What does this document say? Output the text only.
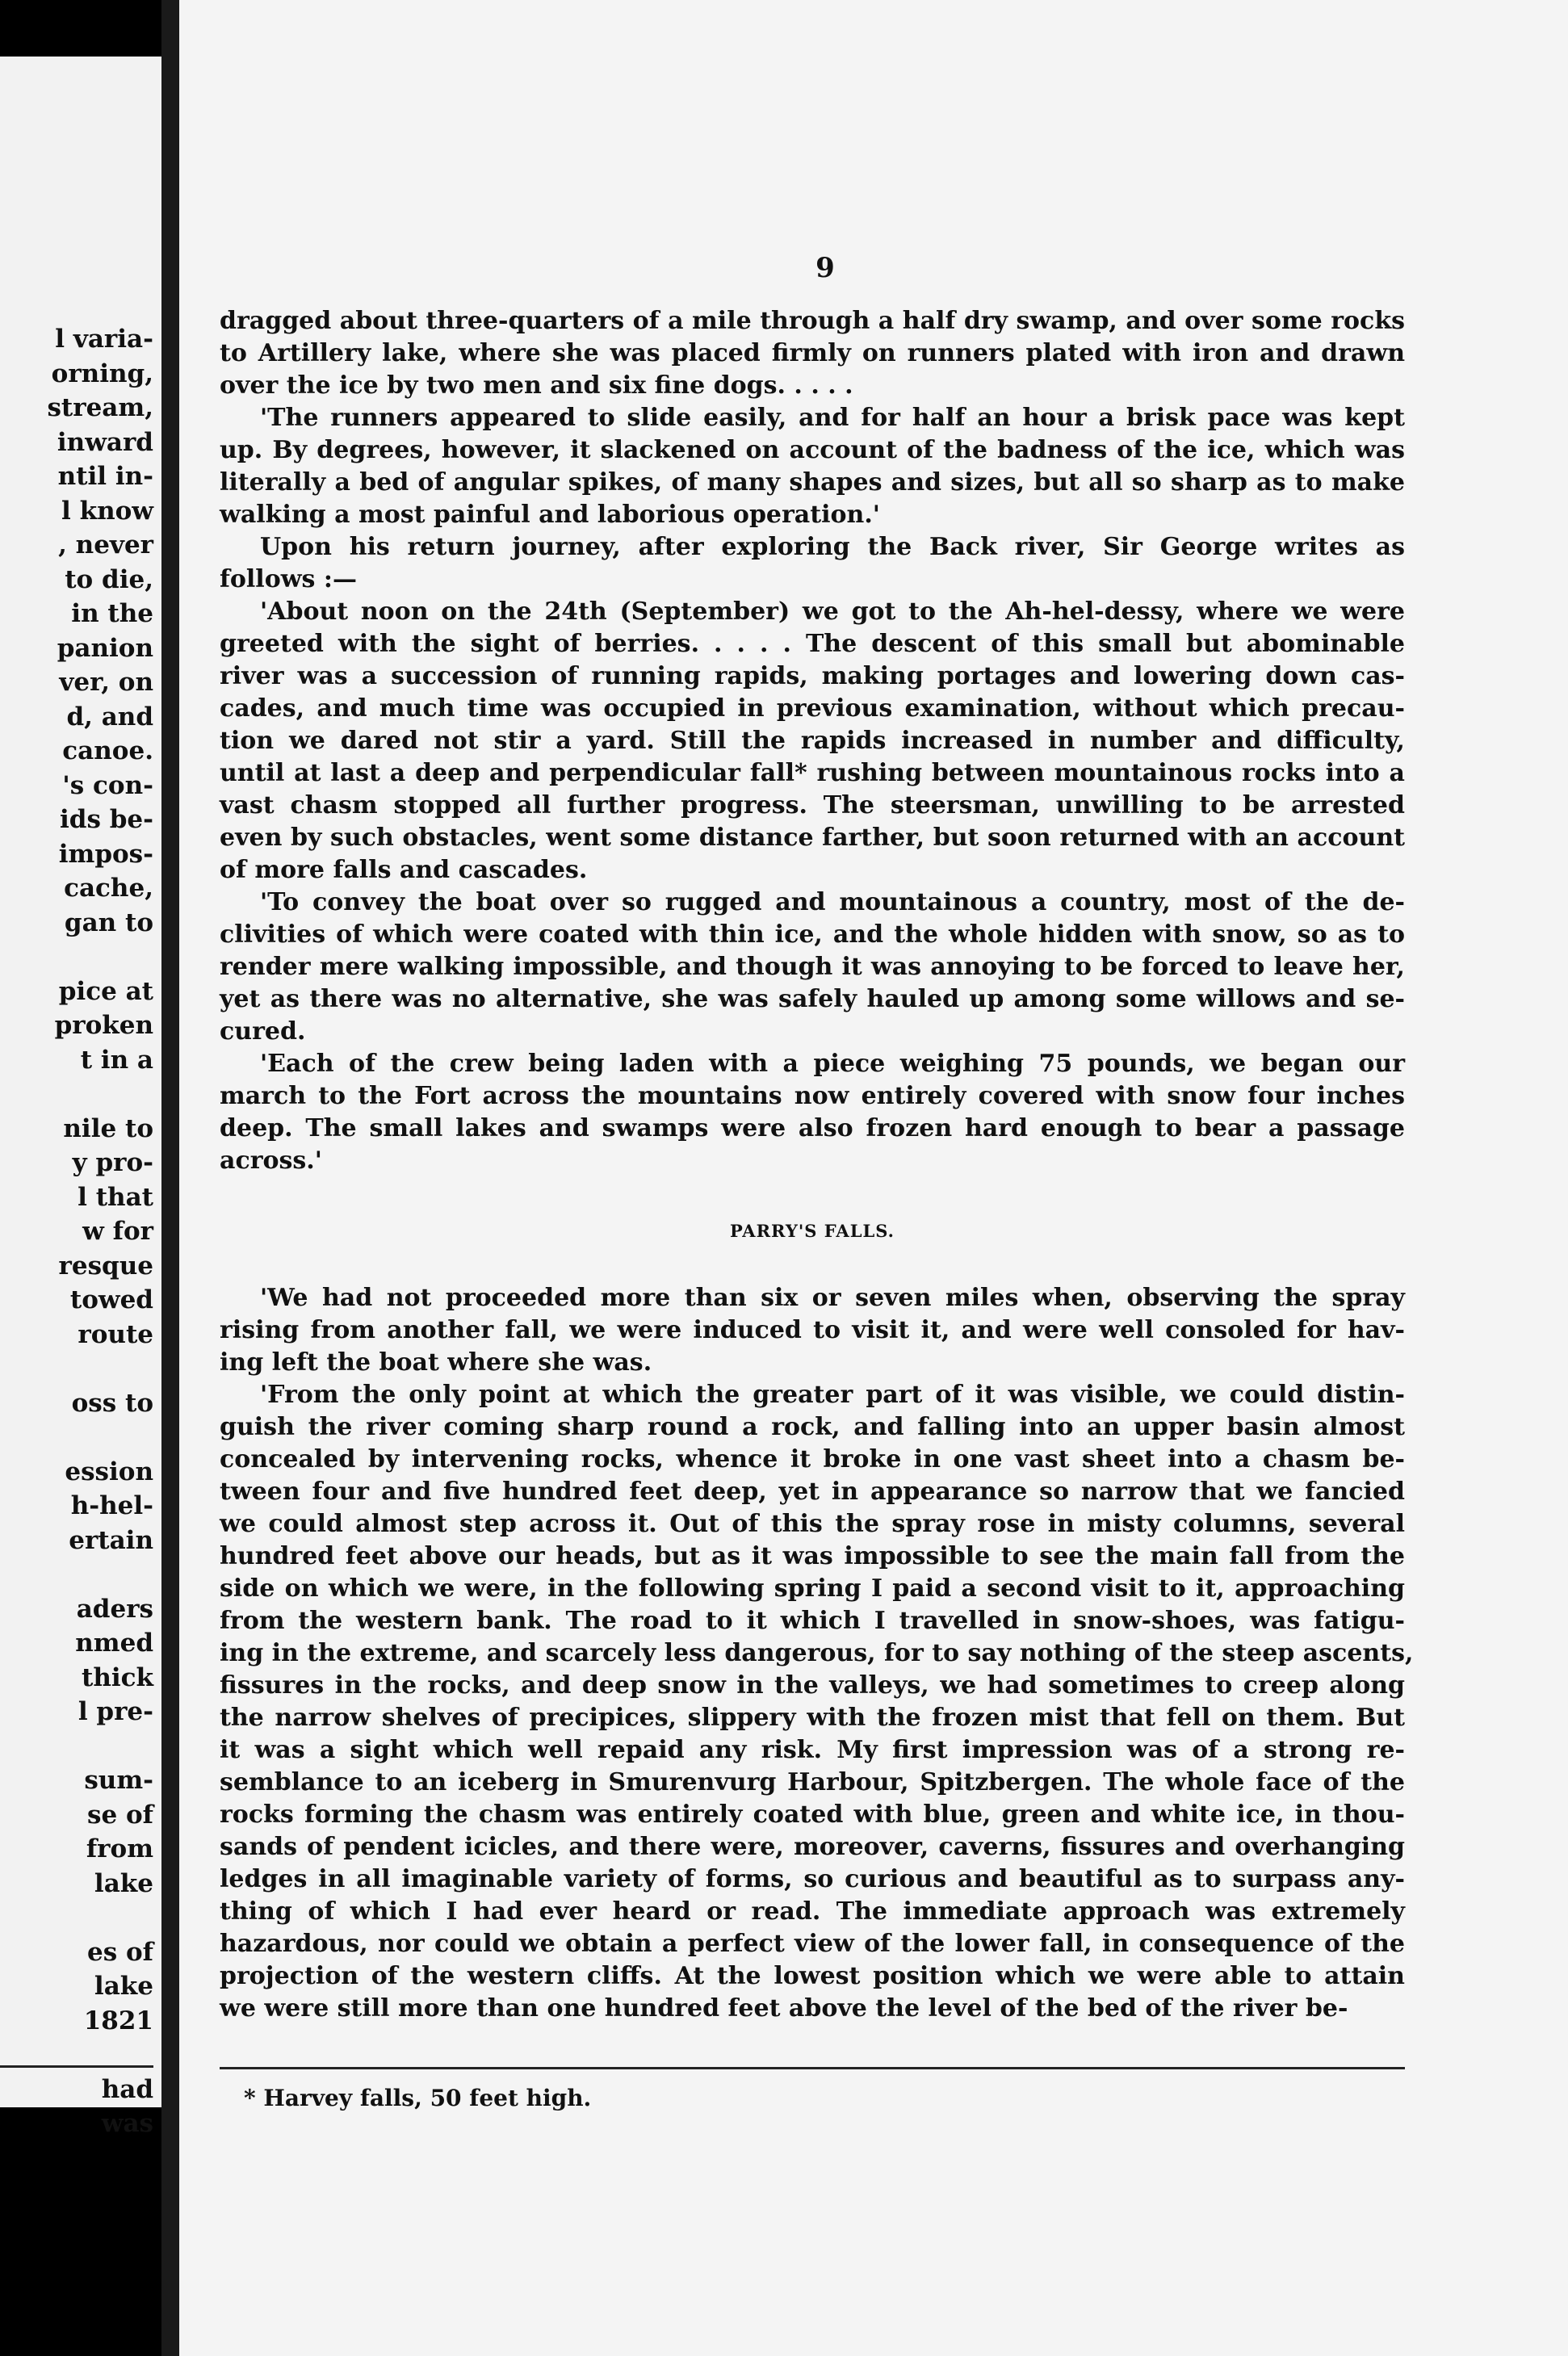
l varia-
orning,
stream,
inward
ntil in-
l know
, never
to die,
in the
panion
ver, on
d, and
canoe.
's con-
ids be-
impos-
cache,
gan to
pice at
proken
t in a
nile to
y pro-
l that
w for
resque
towed
route
oss to
ession
h-hel-
ertain
aders
nmed
thick
l pre-
sum-
se of
from
lake
es of
lake
1821
had
was
9
dragged about three-quarters of a mile through a half dry swamp, and over some rocks
to Artillery lake, where she was placed firmly on runners plated with iron and drawn
over the ice by two men and six fine dogs. . . . .
'The runners appeared to slide easily, and for half an hour a brisk pace was kept
up. By degrees, however, it slackened on account of the badness of the ice, which was
literally a bed of angular spikes, of many shapes and sizes, but all so sharp as to make
walking a most painful and laborious operation.'
Upon his return journey, after exploring the Back river, Sir George writes as
follows :—
'About noon on the 24th (September) we got to the Ah-hel-dessy, where we were
greeted with the sight of berries. . . . . The descent of this small but abominable
river was a succession of running rapids, making portages and lowering down cas-
cades, and much time was occupied in previous examination, without which precau-
tion we dared not stir a yard. Still the rapids increased in number and difficulty,
until at last a deep and perpendicular fall* rushing between mountainous rocks into a
vast chasm stopped all further progress. The steersman, unwilling to be arrested
even by such obstacles, went some distance farther, but soon returned with an account
of more falls and cascades.
'To convey the boat over so rugged and mountainous a country, most of the de-
clivities of which were coated with thin ice, and the whole hidden with snow, so as to
render mere walking impossible, and though it was annoying to be forced to leave her,
yet as there was no alternative, she was safely hauled up among some willows and se-
cured.
'Each of the crew being laden with a piece weighing 75 pounds, we began our
march to the Fort across the mountains now entirely covered with snow four inches
deep. The small lakes and swamps were also frozen hard enough to bear a passage
across.'
PARRY'S FALLS.
'We had not proceeded more than six or seven miles when, observing the spray
rising from another fall, we were induced to visit it, and were well consoled for hav-
ing left the boat where she was.
'From the only point at which the greater part of it was visible, we could distin-
guish the river coming sharp round a rock, and falling into an upper basin almost
concealed by intervening rocks, whence it broke in one vast sheet into a chasm be-
tween four and five hundred feet deep, yet in appearance so narrow that we fancied
we could almost step across it. Out of this the spray rose in misty columns, several
hundred feet above our heads, but as it was impossible to see the main fall from the
side on which we were, in the following spring I paid a second visit to it, approaching
from the western bank. The road to it which I travelled in snow-shoes, was fatigu-
ing in the extreme, and scarcely less dangerous, for to say nothing of the steep ascents,
fissures in the rocks, and deep snow in the valleys, we had sometimes to creep along
the narrow shelves of precipices, slippery with the frozen mist that fell on them. But
it was a sight which well repaid any risk. My first impression was of a strong re-
semblance to an iceberg in Smurenvurg Harbour, Spitzbergen. The whole face of the
rocks forming the chasm was entirely coated with blue, green and white ice, in thou-
sands of pendent icicles, and there were, moreover, caverns, fissures and overhanging
ledges in all imaginable variety of forms, so curious and beautiful as to surpass any-
thing of which I had ever heard or read. The immediate approach was extremely
hazardous, nor could we obtain a perfect view of the lower fall, in consequence of the
projection of the western cliffs. At the lowest position which we were able to attain
we were still more than one hundred feet above the level of the bed of the river be-
* Harvey falls, 50 feet high.
